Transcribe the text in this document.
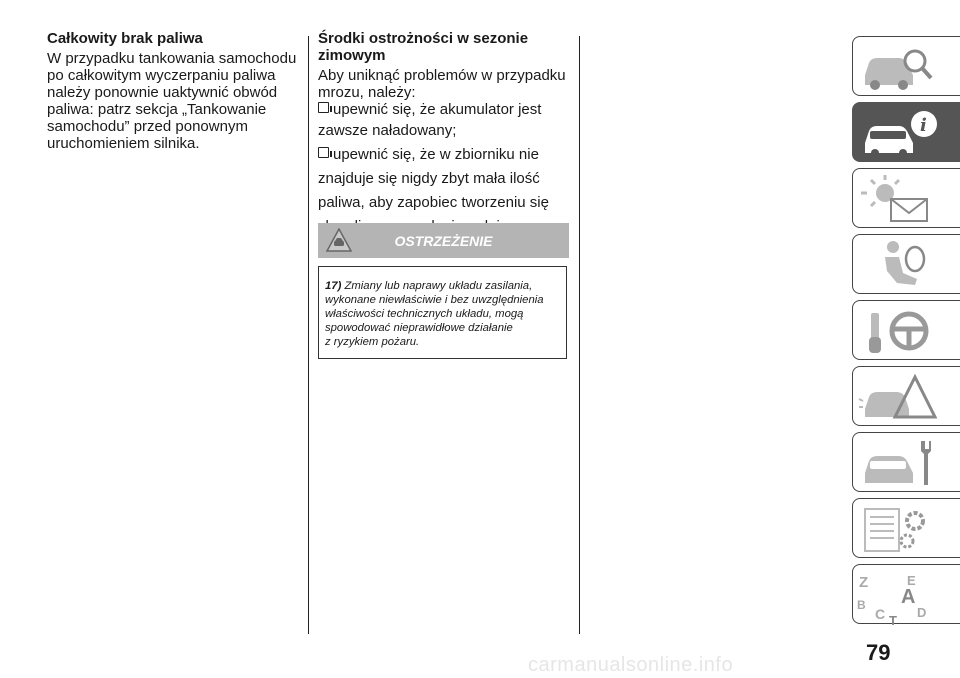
Całkowity brak paliwa

W przypadku tankowania samochodu

po całkowitym wyczerpaniu paliwa

należy ponownie uaktywnić obwód

paliwa: patrz sekcja „Tankowanie

samochodu” przed ponownym

uruchomieniem silnika.

Środki ostrożności w sezonie

zimowym

Aby uniknąć problemów w przypadku

mrozu, należy:

upewnić się, że akumulator jest

zawsze naładowany;

upewnić się, że w zbiorniku nie

znajduje się nigdy zbyt mała ilość

paliwa, aby zapobiec tworzeniu się

OSTRZEŻENIE
17) Zmiany lub naprawy układu zasilania,
wykonane niewłaściwie i bez uwzględnienia
właściwości technicznych układu, mogą
spowodować nieprawidłowe działanie
z ryzykiem pożaru.
i
Z	E
A
B
C D
T
79
carmanualsonline.info
